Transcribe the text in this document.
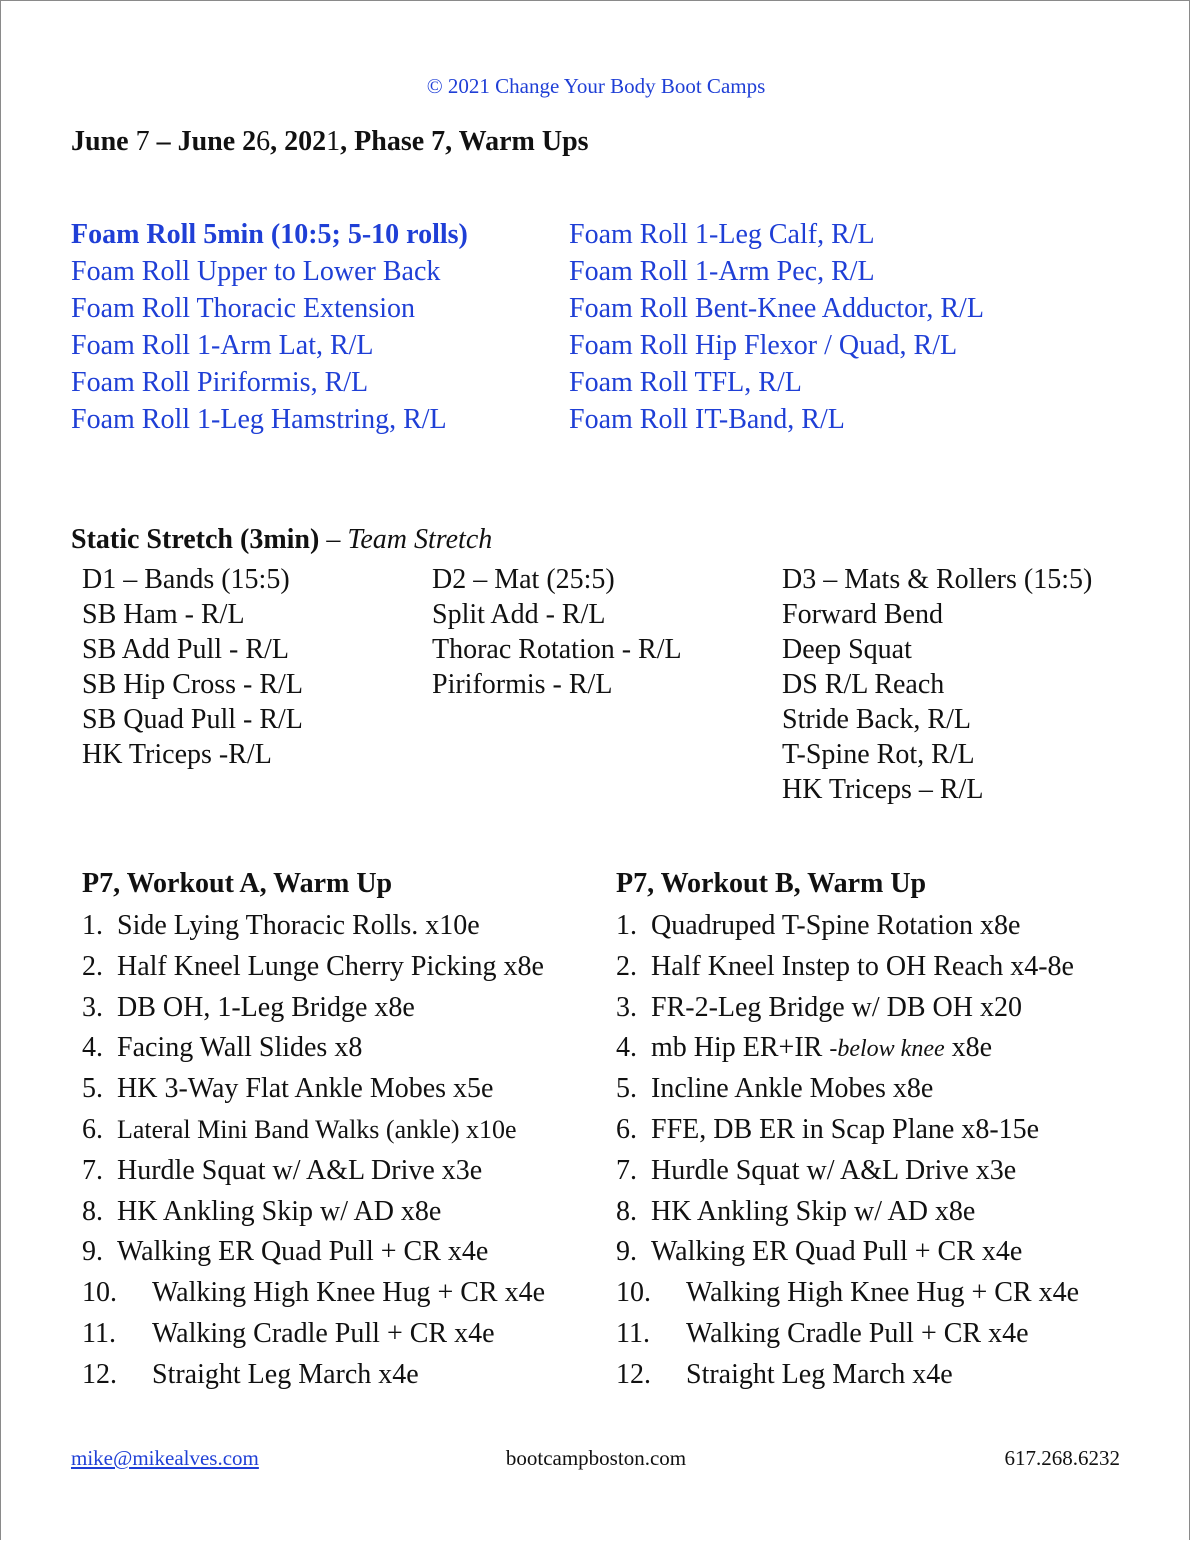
© 2021 Change Your Body Boot Camps
June 7 – June 26, 2021, Phase 7, Warm Ups
Foam Roll 5min (10:5; 5-10 rolls)
Foam Roll Upper to Lower Back
Foam Roll Thoracic Extension
Foam Roll 1-Arm Lat, R/L
Foam Roll Piriformis, R/L
Foam Roll 1-Leg Hamstring, R/L
Foam Roll 1-Leg Calf, R/L
Foam Roll 1-Arm Pec, R/L
Foam Roll Bent-Knee Adductor, R/L
Foam Roll Hip Flexor / Quad, R/L
Foam Roll TFL, R/L
Foam Roll IT-Band, R/L
Static Stretch (3min) – Team Stretch
D1 – Bands (15:5)
SB Ham - R/L
SB Add Pull - R/L
SB Hip Cross - R/L
SB Quad Pull - R/L
HK Triceps -R/L
D2 – Mat (25:5)
Split Add - R/L
Thorac Rotation - R/L
Piriformis - R/L
D3 – Mats & Rollers (15:5)
Forward Bend
Deep Squat
DS R/L Reach
Stride Back, R/L
T-Spine Rot, R/L
HK Triceps – R/L
P7, Workout A, Warm Up
1. Side Lying Thoracic Rolls. x10e
2. Half Kneel Lunge Cherry Picking x8e
3. DB OH, 1-Leg Bridge x8e
4. Facing Wall Slides x8
5. HK 3-Way Flat Ankle Mobes x5e
6. Lateral Mini Band Walks (ankle) x10e
7. Hurdle Squat w/ A&L Drive x3e
8. HK Ankling Skip w/ AD x8e
9. Walking ER Quad Pull + CR x4e
10. Walking High Knee Hug + CR x4e
11. Walking Cradle Pull + CR x4e
12. Straight Leg March x4e
P7, Workout B, Warm Up
1. Quadruped T-Spine Rotation x8e
2. Half Kneel Instep to OH Reach x4-8e
3. FR-2-Leg Bridge w/ DB OH x20
4. mb Hip ER+IR -below knee x8e
5. Incline Ankle Mobes x8e
6. FFE, DB ER in Scap Plane x8-15e
7. Hurdle Squat w/ A&L Drive x3e
8. HK Ankling Skip w/ AD x8e
9. Walking ER Quad Pull + CR x4e
10. Walking High Knee Hug + CR x4e
11. Walking Cradle Pull + CR x4e
12. Straight Leg March x4e
mike@mikealves.com	bootcampboston.com	617.268.6232
